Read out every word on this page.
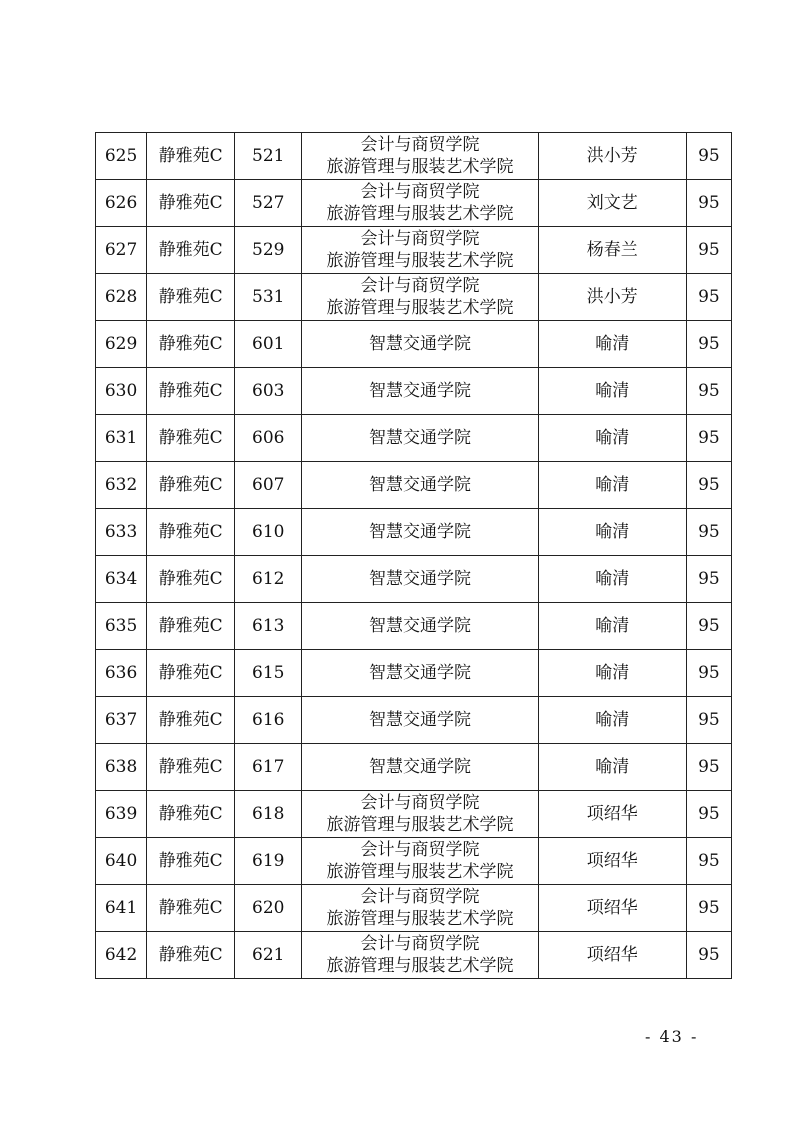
625	静雅苑C	521	会计与商贸学院
旅游管理与服装艺术学院	洪小芳	95
626	静雅苑C	527	会计与商贸学院
旅游管理与服装艺术学院	刘文艺	95
627	静雅苑C	529	会计与商贸学院
旅游管理与服装艺术学院	杨春兰	95
628	静雅苑C	531	会计与商贸学院
旅游管理与服装艺术学院	洪小芳	95
629	静雅苑C	601	智慧交通学院	喻清	95
630	静雅苑C	603	智慧交通学院	喻清	95
631	静雅苑C	606	智慧交通学院	喻清	95
632	静雅苑C	607	智慧交通学院	喻清	95
633	静雅苑C	610	智慧交通学院	喻清	95
634	静雅苑C	612	智慧交通学院	喻清	95
635	静雅苑C	613	智慧交通学院	喻清	95
636	静雅苑C	615	智慧交通学院	喻清	95
637	静雅苑C	616	智慧交通学院	喻清	95
638	静雅苑C	617	智慧交通学院	喻清	95
639	静雅苑C	618	会计与商贸学院
旅游管理与服装艺术学院	项绍华	95
640	静雅苑C	619	会计与商贸学院
旅游管理与服装艺术学院	项绍华	95
641	静雅苑C	620	会计与商贸学院
旅游管理与服装艺术学院	项绍华	95
642	静雅苑C	621	会计与商贸学院
旅游管理与服装艺术学院	项绍华	95
- 43 -
